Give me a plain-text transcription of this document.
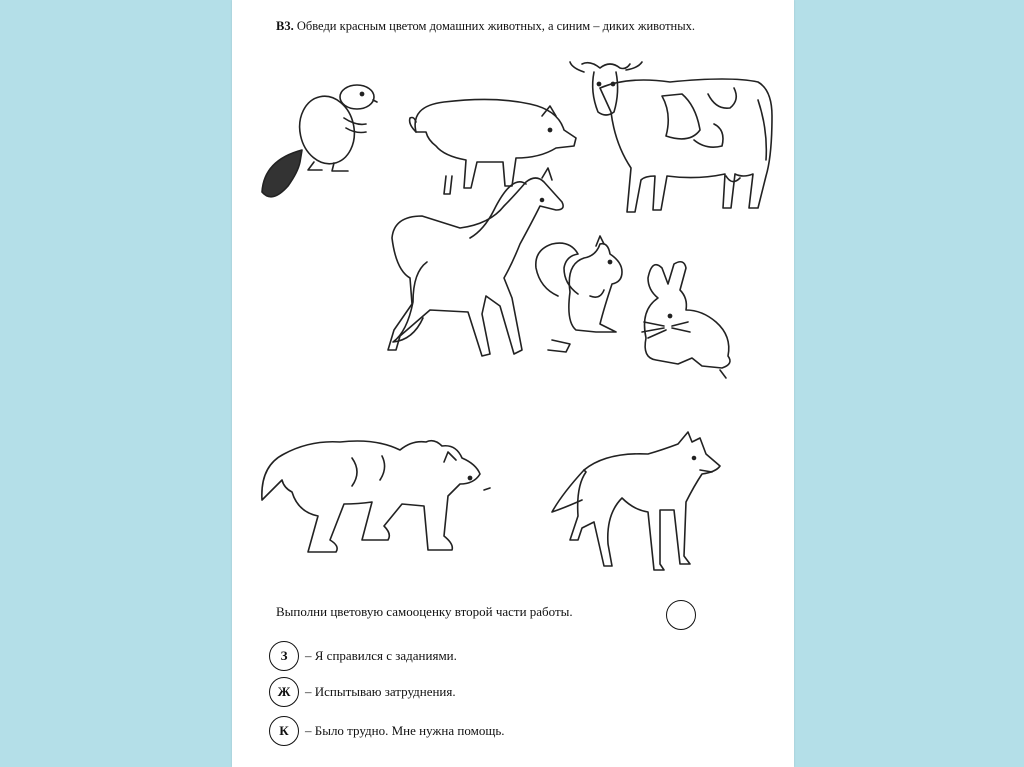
В3. Обведи красным цветом домашних животных, а синим – диких животных.
Выполни цветовую самооценку второй части работы.
З	– Я справился с заданиями.
Ж	– Испытываю затруднения.
К	– Было трудно. Мне нужна помощь.
